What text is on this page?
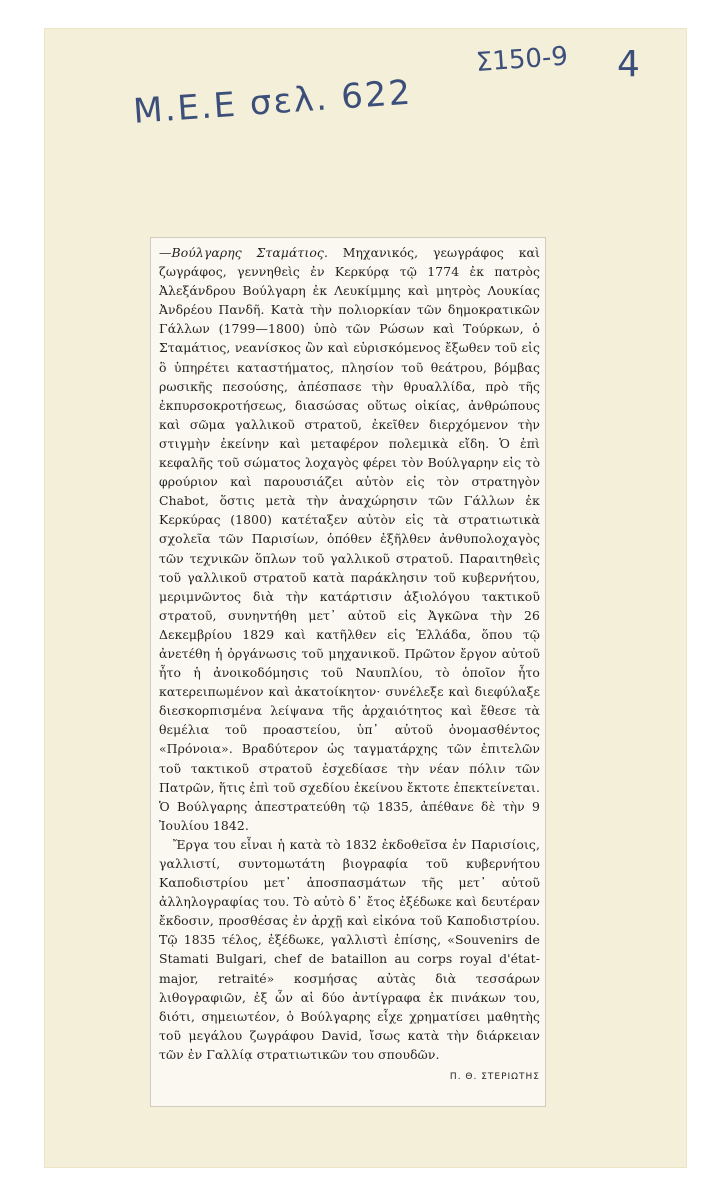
Σ150-9 4
Μ.Ε.Ε σελ. 622

—Βούλγαρης Σταμάτιος. Μηχανικός, γεωγράφος καὶ ζωγράφος, γεννηθεὶς ἐν Κερκύρᾳ τῷ 1774 ἐκ πατρὸς Ἀλεξάνδρου Βούλγαρη ἐκ Λευκίμμης καὶ μητρὸς Λουκίας Ἀνδρέου Πανδῆ. Κατὰ τὴν πολιορκίαν τῶν δημοκρατικῶν Γάλλων (1799—1800) ὑπὸ τῶν Ρώσων καὶ Τούρκων, ὁ Σταμάτιος, νεανίσκος ὢν καὶ εὑρισκόμενος ἔξωθεν τοῦ εἰς ὃ ὑπηρέτει καταστήματος, πλησίον τοῦ θεάτρου, βόμβας ρωσικῆς πεσούσης, ἀπέσπασε τὴν θρυαλλίδα, πρὸ τῆς ἐκπυρσοκροτήσεως, διασώσας οὕτως οἰκίας, ἀνθρώπους καὶ σῶμα γαλλικοῦ στρατοῦ, ἐκεῖθεν διερχόμενον τὴν στιγμὴν ἐκείνην καὶ μεταφέρον πολεμικὰ εἴδη. Ὁ ἐπὶ κεφαλῆς τοῦ σώματος λοχαγὸς φέρει τὸν Βούλγαρην εἰς τὸ φρούριον καὶ παρουσιάζει αὐτὸν εἰς τὸν στρατηγὸν Chabot, ὅστις μετὰ τὴν ἀναχώρησιν τῶν Γάλλων ἐκ Κερκύρας (1800) κατέταξεν αὐτὸν εἰς τὰ στρατιωτικὰ σχολεῖα τῶν Παρισίων, ὁπόθεν ἐξῆλθεν ἀνθυπολοχαγὸς τῶν τεχνικῶν ὅπλων τοῦ γαλλικοῦ στρατοῦ. Παραιτηθεὶς τοῦ γαλλικοῦ στρατοῦ κατὰ παράκλησιν τοῦ κυβερνήτου, μεριμνῶντος διὰ τὴν κατάρτισιν ἀξιολόγου τακτικοῦ στρατοῦ, συνηντήθη μετ᾽ αὐτοῦ εἰς Ἀγκῶνα τὴν 26 Δεκεμβρίου 1829 καὶ κατῆλθεν εἰς Ἑλλάδα, ὅπου τῷ ἀνετέθη ἡ ὀργάνωσις τοῦ μηχανικοῦ. Πρῶτον ἔργον αὐτοῦ ἦτο ἡ ἀνοικοδόμησις τοῦ Ναυπλίου, τὸ ὁποῖον ἦτο κατερειπωμένον καὶ ἀκατοίκητον· συνέλεξε καὶ διεφύλαξε διεσκορπισμένα λείψανα τῆς ἀρχαιότητος καὶ ἔθεσε τὰ θεμέλια τοῦ προαστείου, ὑπ᾽ αὐτοῦ ὀνομασθέντος «Πρόνοια». Βραδύτερον ὡς ταγματάρχης τῶν ἐπιτελῶν τοῦ τακτικοῦ στρατοῦ ἐσχεδίασε τὴν νέαν πόλιν τῶν Πατρῶν, ἥτις ἐπὶ τοῦ σχεδίου ἐκείνου ἔκτοτε ἐπεκτείνεται. Ὁ Βούλγαρης ἀπεστρατεύθη τῷ 1835, ἀπέθανε δὲ τὴν 9 Ἰουλίου 1842.

Ἔργα του εἶναι ἡ κατὰ τὸ 1832 ἐκδοθεῖσα ἐν Παρισίοις, γαλλιστί, συντομωτάτη βιογραφία τοῦ κυβερνήτου Καποδιστρίου μετ᾽ ἀποσπασμάτων τῆς μετ᾽ αὐτοῦ ἀλληλογραφίας του. Τὸ αὐτὸ δ᾽ ἔτος ἐξέδωκε καὶ δευτέραν ἔκδοσιν, προσθέσας ἐν ἀρχῇ καὶ εἰκόνα τοῦ Καποδιστρίου. Τῷ 1835 τέλος, ἐξέδωκε, γαλλιστὶ ἐπίσης, «Souvenirs de Stamati Bulgari, chef de bataillon au corps royal d'état-major, retraité» κοσμήσας αὐτὰς διὰ τεσσάρων λιθογραφιῶν, ἐξ ὧν αἱ δύο ἀντίγραφα ἐκ πινάκων του, διότι, σημειωτέον, ὁ Βούλγαρης εἶχε χρηματίσει μαθητὴς τοῦ μεγάλου ζωγράφου David, ἴσως κατὰ τὴν διάρκειαν τῶν ἐν Γαλλίᾳ στρατιωτικῶν του σπουδῶν.
Π. Θ. ΣΤΕΡΙΩΤΗΣ
